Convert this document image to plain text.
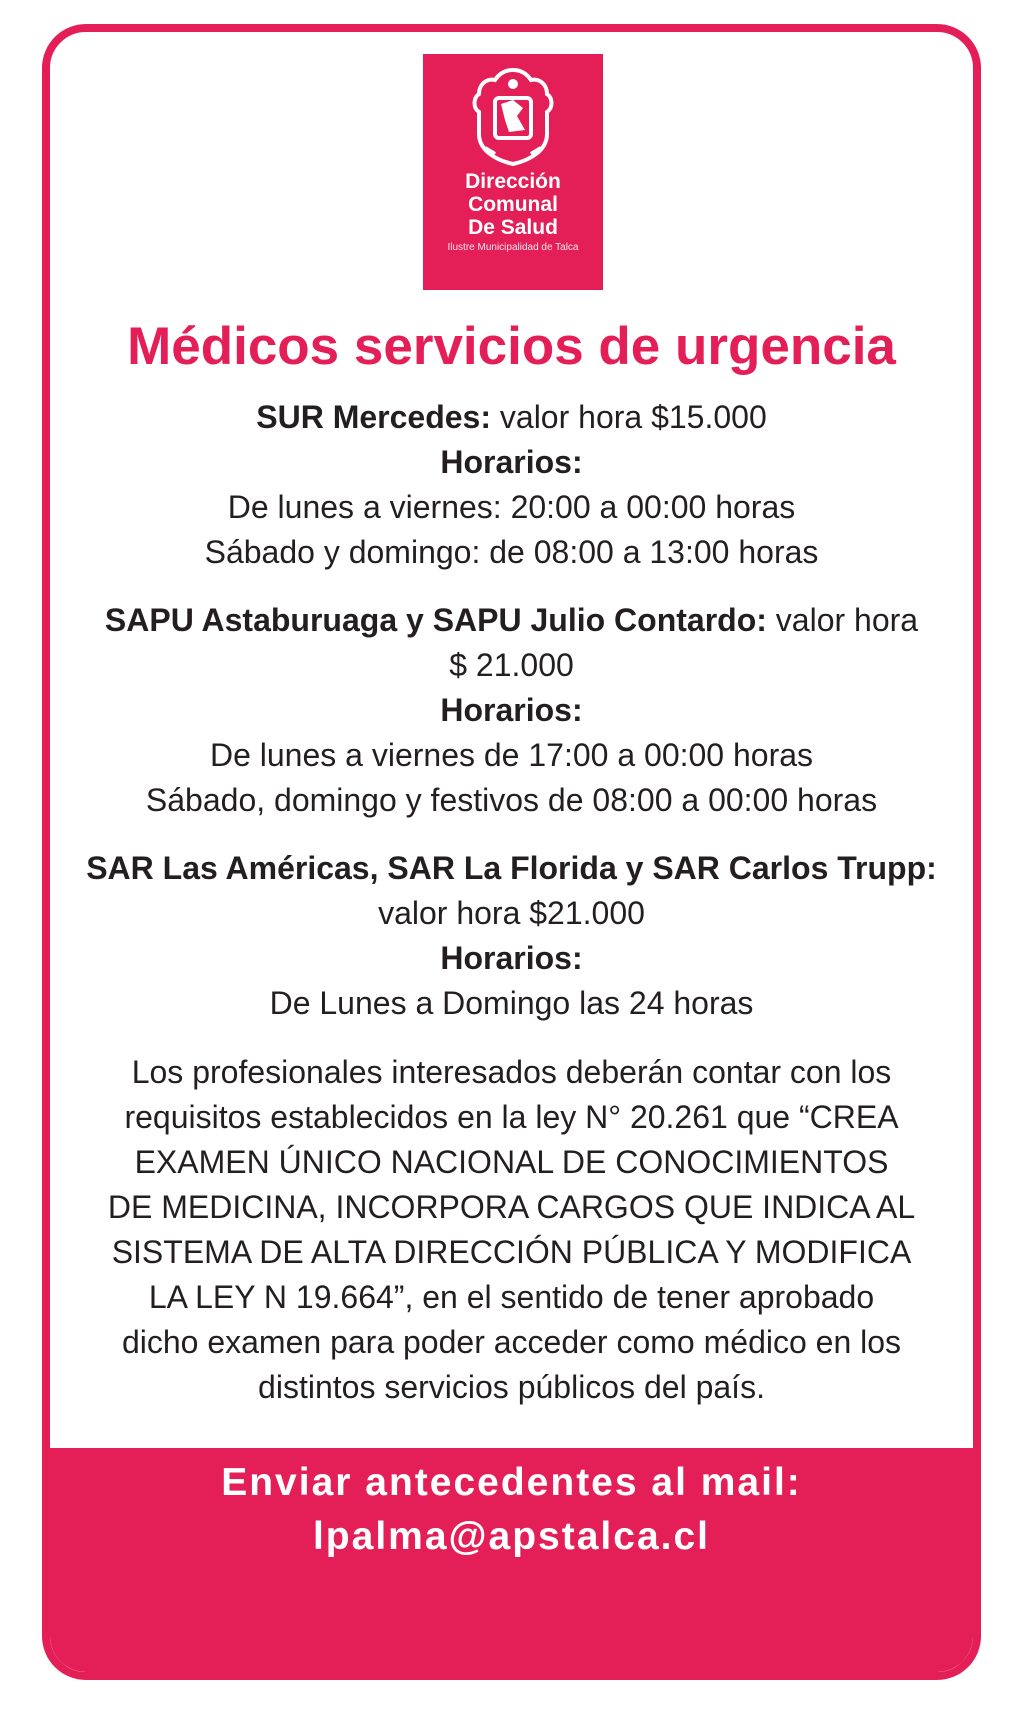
Dirección
Comunal
De Salud
Ilustre Municipalidad de Talca
Médicos servicios de urgencia
SUR Mercedes: valor hora $15.000
Horarios:
De lunes a viernes: 20:00 a 00:00 horas
Sábado y domingo: de 08:00 a 13:00 horas
SAPU Astaburuaga y SAPU Julio Contardo: valor hora
$ 21.000
Horarios:
De lunes a viernes de 17:00 a 00:00 horas
Sábado, domingo y festivos de 08:00 a 00:00 horas
SAR Las Américas, SAR La Florida y SAR Carlos Trupp:
valor hora $21.000
Horarios:
De Lunes a Domingo las 24 horas
Los profesionales interesados deberán contar con los
requisitos establecidos en la ley N° 20.261 que “CREA
EXAMEN ÚNICO NACIONAL DE CONOCIMIENTOS
DE MEDICINA, INCORPORA CARGOS QUE INDICA AL
SISTEMA DE ALTA DIRECCIÓN PÚBLICA Y MODIFICA
LA LEY N 19.664”, en el sentido de tener aprobado
dicho examen para poder acceder como médico en los
distintos servicios públicos del país.
Enviar antecedentes al mail:
lpalma@apstalca.cl
